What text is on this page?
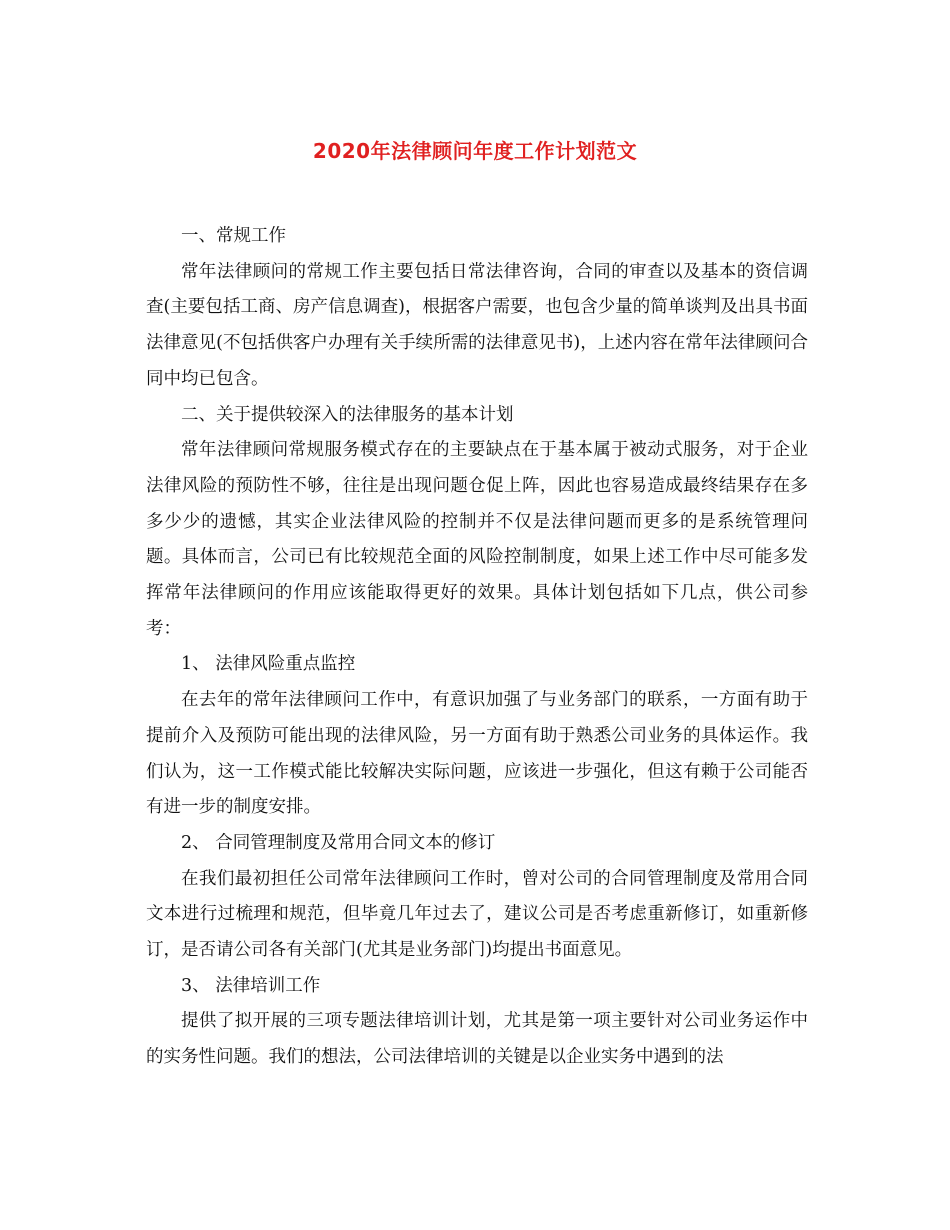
2020年法律顾问年度工作计划范文

一、常规工作

常年法律顾问的常规工作主要包括日常法律咨询，合同的审查以及基本的资信调查(主要包括工商、房产信息调查)，根据客户需要，也包含少量的简单谈判及出具书面法律意见(不包括供客户办理有关手续所需的法律意见书)，上述内容在常年法律顾问合同中均已包含。

二、关于提供较深入的法律服务的基本计划

常年法律顾问常规服务模式存在的主要缺点在于基本属于被动式服务，对于企业法律风险的预防性不够，往往是出现问题仓促上阵，因此也容易造成最终结果存在多多少少的遗憾，其实企业法律风险的控制并不仅是法律问题而更多的是系统管理问题。具体而言，公司已有比较规范全面的风险控制制度，如果上述工作中尽可能多发挥常年法律顾问的作用应该能取得更好的效果。具体计划包括如下几点，供公司参考：

1、 法律风险重点监控

在去年的常年法律顾问工作中，有意识加强了与业务部门的联系，一方面有助于提前介入及预防可能出现的法律风险，另一方面有助于熟悉公司业务的具体运作。我们认为，这一工作模式能比较解决实际问题，应该进一步强化，但这有赖于公司能否有进一步的制度安排。

2、 合同管理制度及常用合同文本的修订

在我们最初担任公司常年法律顾问工作时，曾对公司的合同管理制度及常用合同文本进行过梳理和规范，但毕竟几年过去了，建议公司是否考虑重新修订，如重新修订，是否请公司各有关部门(尤其是业务部门)均提出书面意见。

3、 法律培训工作

提供了拟开展的三项专题法律培训计划，尤其是第一项主要针对公司业务运作中的实务性问题。我们的想法，公司法律培训的关键是以企业实务中遇到的法
